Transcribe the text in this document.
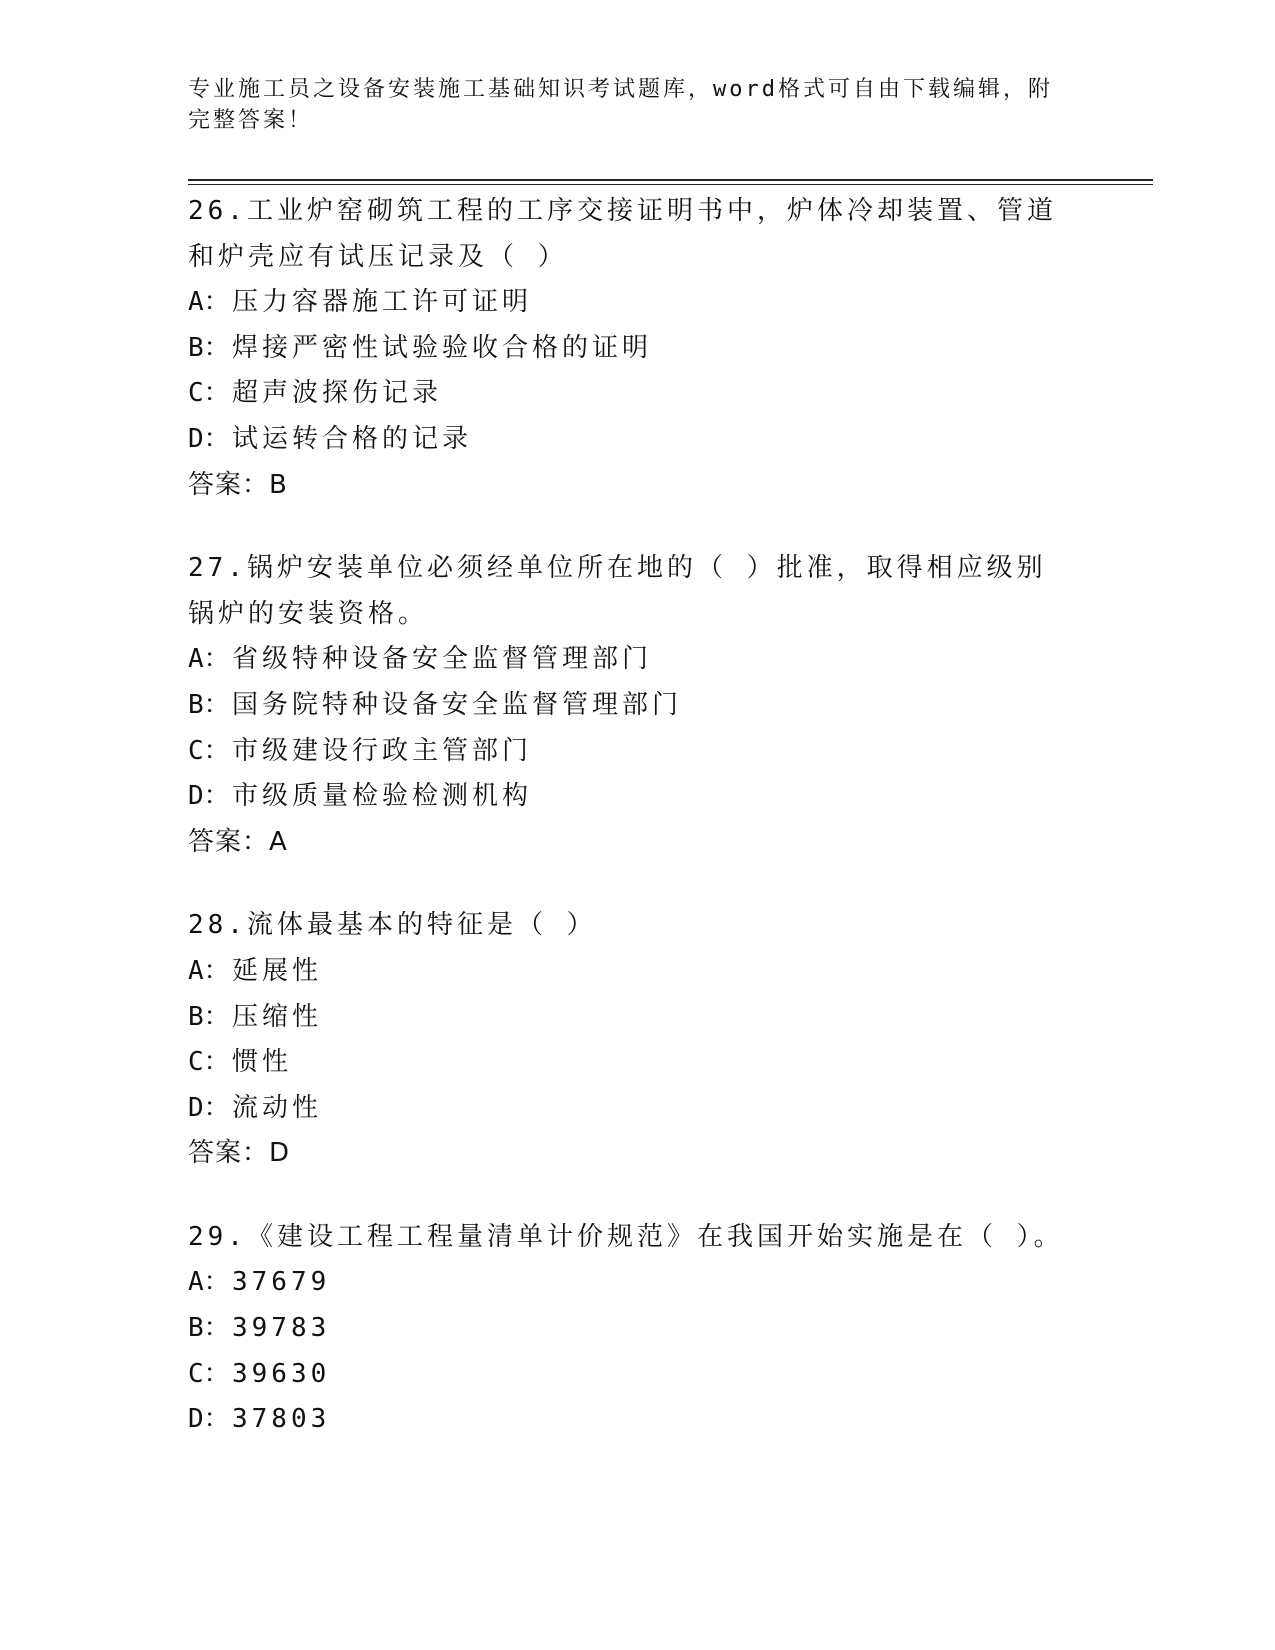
专业施工员之设备安装施工基础知识考试题库，word格式可自由下载编辑，附完整答案！
26.工业炉窑砌筑工程的工序交接证明书中，炉体冷却装置、管道和炉壳应有试压记录及（ ）
A：压力容器施工许可证明
B：焊接严密性试验验收合格的证明
C：超声波探伤记录
D：试运转合格的记录
答案：B
27.锅炉安装单位必须经单位所在地的（ ）批准，取得相应级别锅炉的安装资格。
A：省级特种设备安全监督管理部门
B：国务院特种设备安全监督管理部门
C：市级建设行政主管部门
D：市级质量检验检测机构
答案：A
28.流体最基本的特征是（ ）
A：延展性
B：压缩性
C：惯性
D：流动性
答案：D
29.《建设工程工程量清单计价规范》在我国开始实施是在（ ）。
A：37679
B：39783
C：39630
D：37803
